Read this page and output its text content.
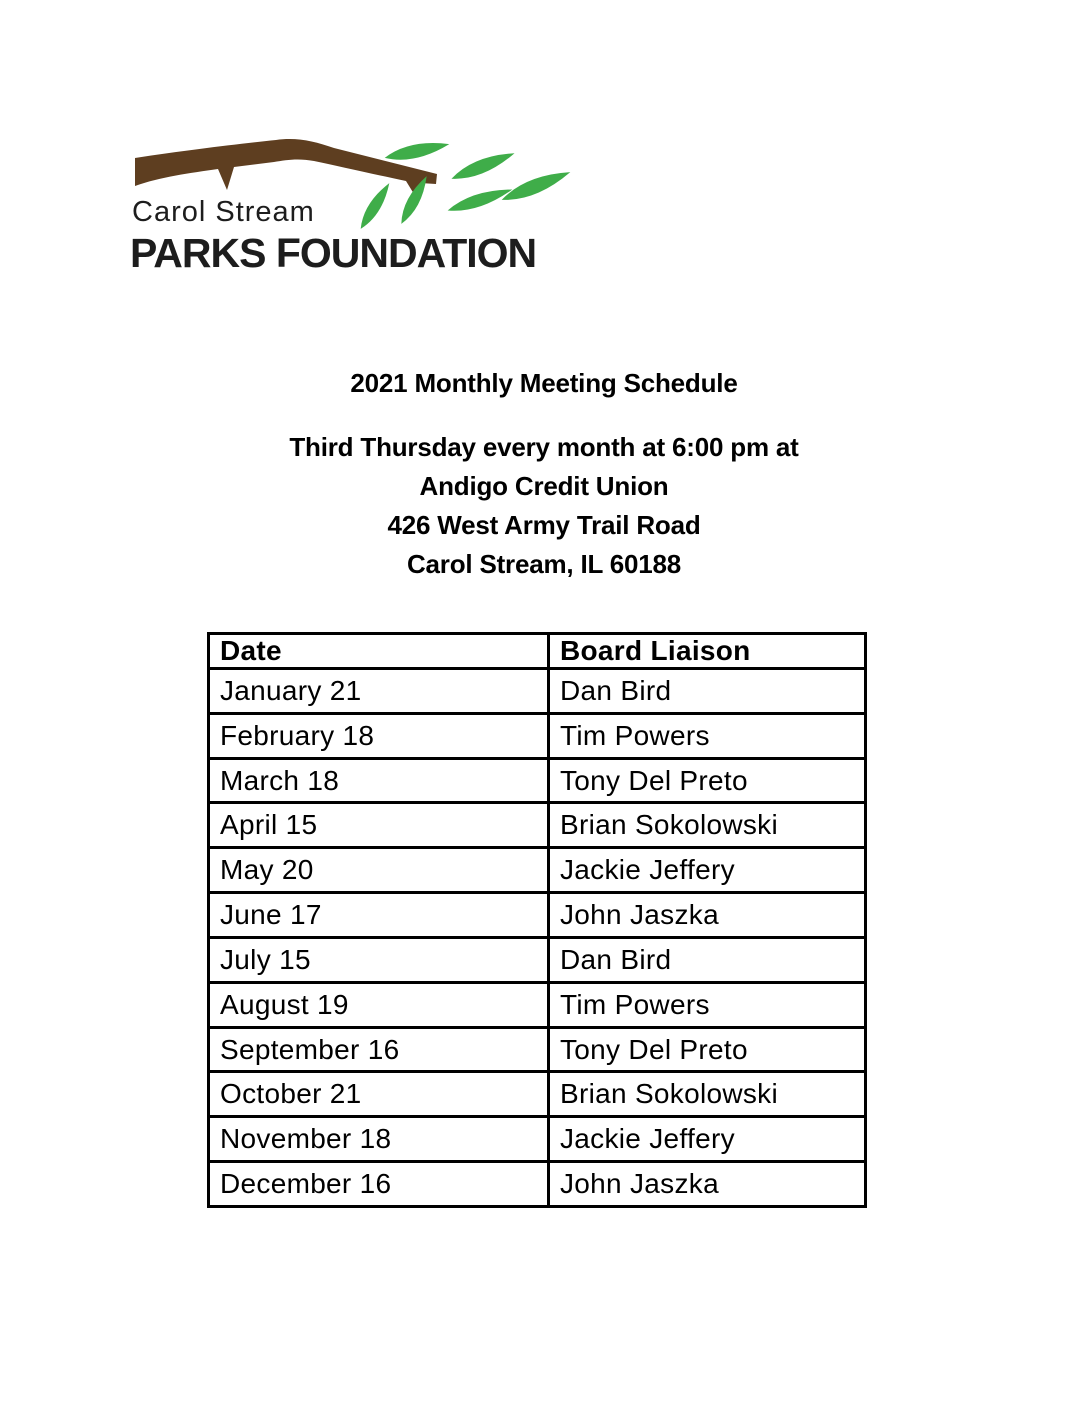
Carol Stream
PARKS FOUNDATION
2021 Monthly Meeting Schedule
Third Thursday every month at 6:00 pm at
Andigo Credit Union
426 West Army Trail Road
Carol Stream, IL 60188
Date	Board Liaison
January 21	Dan Bird
February 18	Tim Powers
March 18	Tony Del Preto
April 15	Brian Sokolowski
May 20	Jackie Jeffery
June 17	John Jaszka
July 15	Dan Bird
August 19	Tim Powers
September 16	Tony Del Preto
October 21	Brian Sokolowski
November 18	Jackie Jeffery
December 16	John Jaszka
